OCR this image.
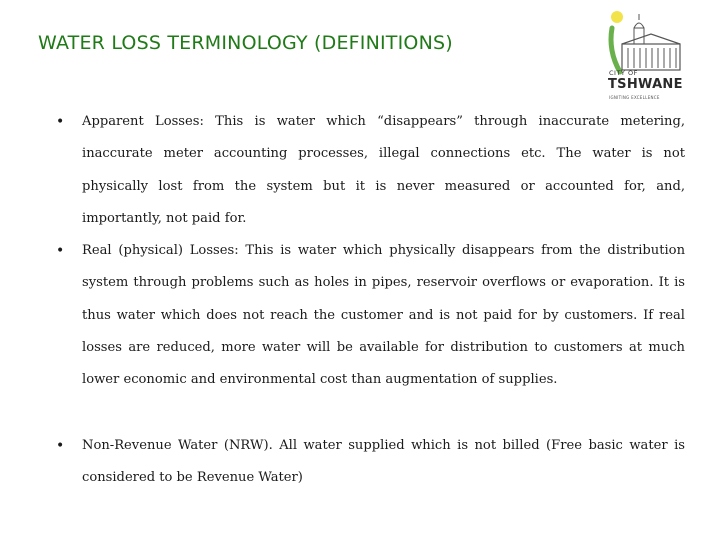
WATER LOSS TERMINOLOGY (DEFINITIONS)
CITY OF
TSHWANE
IGNITING EXCELLENCE
• Apparent Losses: This is water which “disappears” through inaccurate metering, inaccurate meter accounting processes, illegal connections etc. The water is not physically lost from the system but it is never measured or accounted for, and, importantly, not paid for.
• Real (physical) Losses: This is water which physically disappears from the distribution system through problems such as holes in pipes, reservoir overflows or evaporation. It is thus water which does not reach the customer and is not paid for by customers. If real losses are reduced, more water will be available for distribution to customers at much lower economic and environmental cost than augmentation of supplies.
• Non-Revenue Water (NRW). All water supplied which is not billed (Free basic water is considered to be Revenue Water)
